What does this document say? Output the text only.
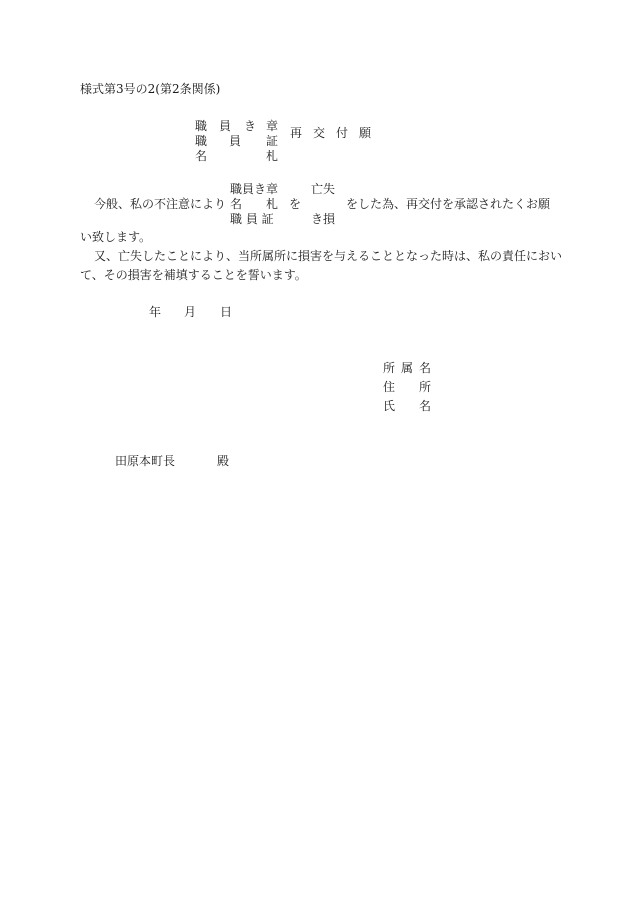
様式第3号の2(第2条関係)
職
職
名
員
員
き 章
証
札
再 交 付 願
職員き章	亡失
今般、私の不注意により 名 札 を	をした為、再交付を承認されたくお願
職 員 証	き損
い致します。
又、亡失したことにより、当所属所に損害を与えることとなった時は、私の責任におい
て、その損害を補填することを誓います。
年 月 日
所 属 名
住 所
氏 名
田原本町長	殿
